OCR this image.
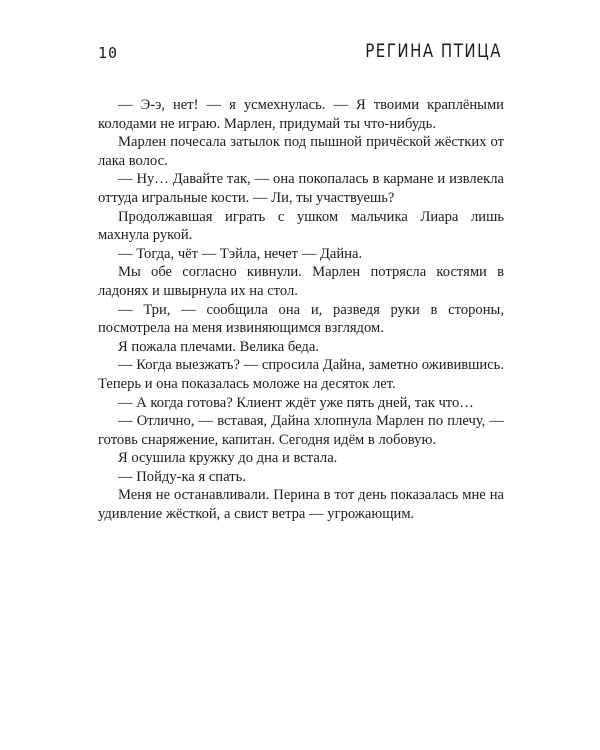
10	РЕГИНА ПТИЦА

— Э-э, нет! — я усмехнулась. — Я твоими краплёными колодами не играю. Марлен, придумай ты что-нибудь.

Марлен почесала затылок под пышной причёской жёстких от лака волос.

— Ну… Давайте так, — она покопалась в кармане и извлекла оттуда игральные кости. — Ли, ты участвуешь?

Продолжавшая играть с ушком мальчика Лиара лишь махнула рукой.

— Тогда, чёт — Тэйла, нечет — Дайна.

Мы обе согласно кивнули. Марлен потрясла костями в ладонях и швырнула их на стол.

— Три, — сообщила она и, разведя руки в стороны, посмотрела на меня извиняющимся взглядом.

Я пожала плечами. Велика беда.

— Когда выезжать? — спросила Дайна, заметно оживившись. Теперь и она показалась моложе на десяток лет.

— А когда готова? Клиент ждёт уже пять дней, так что…

— Отлично, — вставая, Дайна хлопнула Марлен по плечу, — готовь снаряжение, капитан. Сегодня идём в лобовую.

Я осушила кружку до дна и встала.

— Пойду-ка я спать.

Меня не останавливали. Перина в тот день показалась мне на удивление жёсткой, а свист ветра — угрожающим.
